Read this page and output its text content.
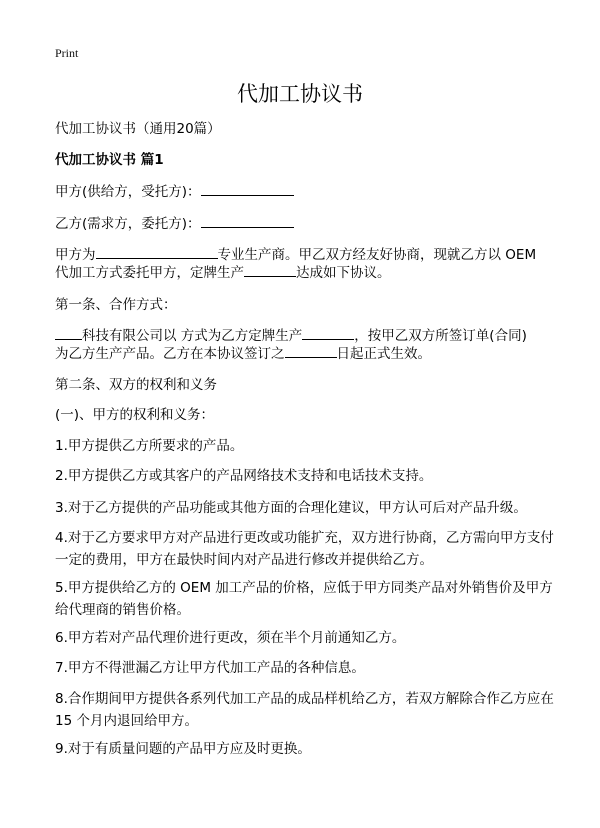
Print
代加工协议书
代加工协议书（通用20篇）
代加工协议书 篇1
甲方(供给方，受托方)：
乙方(需求方，委托方)：
甲方为	专业生产商。甲乙双方经友好协商，现就乙方以 OEM
代加工方式委托甲方，定牌生产	达成如下协议。
第一条、合作方式：
科技有限公司以 方式为乙方定牌生产	，按甲乙双方所签订单(合同)
为乙方生产产品。乙方在本协议签订之	日起正式生效。
第二条、双方的权利和义务
(一)、甲方的权利和义务：
1.甲方提供乙方所要求的产品。
2.甲方提供乙方或其客户的产品网络技术支持和电话技术支持。
3.对于乙方提供的产品功能或其他方面的合理化建议，甲方认可后对产品升级。
4.对于乙方要求甲方对产品进行更改或功能扩充，双方进行协商，乙方需向甲方支付一定的费用，甲方在最快时间内对产品进行修改并提供给乙方。
5.甲方提供给乙方的 OEM 加工产品的价格，应低于甲方同类产品对外销售价及甲方给代理商的销售价格。
6.甲方若对产品代理价进行更改，须在半个月前通知乙方。
7.甲方不得泄漏乙方让甲方代加工产品的各种信息。
8.合作期间甲方提供各系列代加工产品的成品样机给乙方，若双方解除合作乙方应在 15 个月内退回给甲方。
9.对于有质量问题的产品甲方应及时更换。
